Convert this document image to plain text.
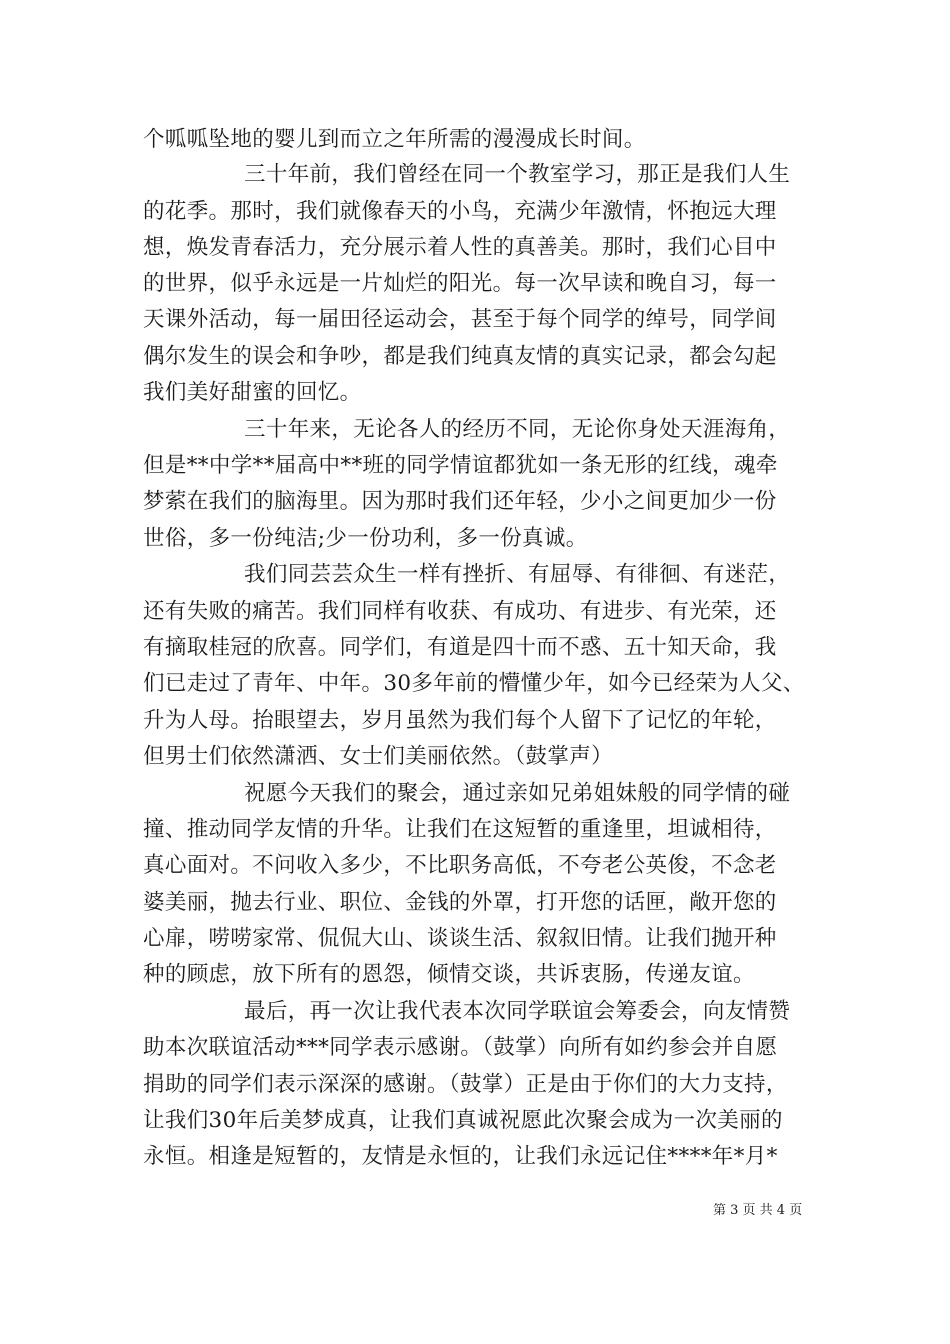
个呱呱坠地的婴儿到而立之年所需的漫漫成长时间。
三十年前，我们曾经在同一个教室学习，那正是我们人生
的花季。那时，我们就像春天的小鸟，充满少年激情，怀抱远大理
想，焕发青春活力，充分展示着人性的真善美。那时，我们心目中
的世界，似乎永远是一片灿烂的阳光。每一次早读和晚自习，每一
天课外活动，每一届田径运动会，甚至于每个同学的绰号，同学间
偶尔发生的误会和争吵，都是我们纯真友情的真实记录，都会勾起
我们美好甜蜜的回忆。
三十年来，无论各人的经历不同，无论你身处天涯海角，
但是**中学**届高中**班的同学情谊都犹如一条无形的红线，魂牵
梦萦在我们的脑海里。因为那时我们还年轻，少小之间更加少一份
世俗，多一份纯洁;少一份功利，多一份真诚。
我们同芸芸众生一样有挫折、有屈辱、有徘徊、有迷茫，
还有失败的痛苦。我们同样有收获、有成功、有进步、有光荣，还
有摘取桂冠的欣喜。同学们，有道是四十而不惑、五十知天命，我
们已走过了青年、中年。30多年前的懵懂少年，如今已经荣为人父、
升为人母。抬眼望去，岁月虽然为我们每个人留下了记忆的年轮，
但男士们依然潇洒、女士们美丽依然。（鼓掌声）
祝愿今天我们的聚会，通过亲如兄弟姐妹般的同学情的碰
撞、推动同学友情的升华。让我们在这短暂的重逢里，坦诚相待，
真心面对。不问收入多少，不比职务高低，不夸老公英俊，不念老
婆美丽，抛去行业、职位、金钱的外罩，打开您的话匣，敞开您的
心扉，唠唠家常、侃侃大山、谈谈生活、叙叙旧情。让我们抛开种
种的顾虑，放下所有的恩怨，倾情交谈，共诉衷肠，传递友谊。
最后，再一次让我代表本次同学联谊会筹委会，向友情赞
助本次联谊活动***同学表示感谢。（鼓掌）向所有如约参会并自愿
捐助的同学们表示深深的感谢。（鼓掌）正是由于你们的大力支持，
让我们30年后美梦成真，让我们真诚祝愿此次聚会成为一次美丽的
永恒。相逢是短暂的，友情是永恒的，让我们永远记住****年*月*
第 3 页 共 4 页
